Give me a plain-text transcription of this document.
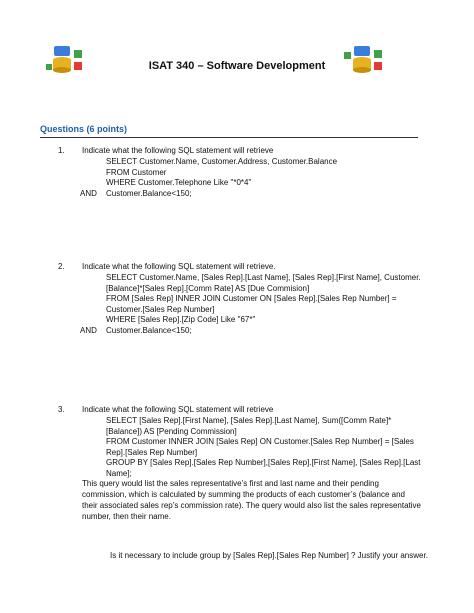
ISAT 340 – Software Development
Questions (6 points)
1. Indicate what the following SQL statement will retrieve
SELECT Customer.Name, Customer.Address, Customer.Balance
FROM Customer
WHERE Customer.Telephone Like "*0*4"
AND Customer.Balance<150;
2. Indicate what the following SQL statement will retrieve.
SELECT Customer.Name, [Sales Rep].[Last Name], [Sales Rep].[First Name], Customer.
[Balance]*[Sales Rep].[Comm Rate] AS [Due Commision]
FROM [Sales Rep] INNER JOIN Customer ON [Sales Rep].[Sales Rep Number] = Customer.[Sales Rep Number]
WHERE [Sales Rep].[Zip Code] Like "67*"
AND Customer.Balance<150;
3. Indicate what the following SQL statement will retrieve
SELECT [Sales Rep].[First Name], [Sales Rep].[Last Name], Sum([Comm Rate]*[Balance]) AS [Pending Commission]
FROM Customer INNER JOIN [Sales Rep] ON Customer.[Sales Rep Number] = [Sales Rep].[Sales Rep Number]
GROUP BY [Sales Rep].[Sales Rep Number],[Sales Rep].[First Name], [Sales Rep].[Last Name];
This query would list the sales representative’s first and last name and their pending commission, which is calculated by summing the products of each customer’s (balance and their associated sales rep’s commission rate). The query would also list the sales representative number, then their name.
Is it necessary to include group by [Sales Rep].[Sales Rep Number] ? Justify your answer.
